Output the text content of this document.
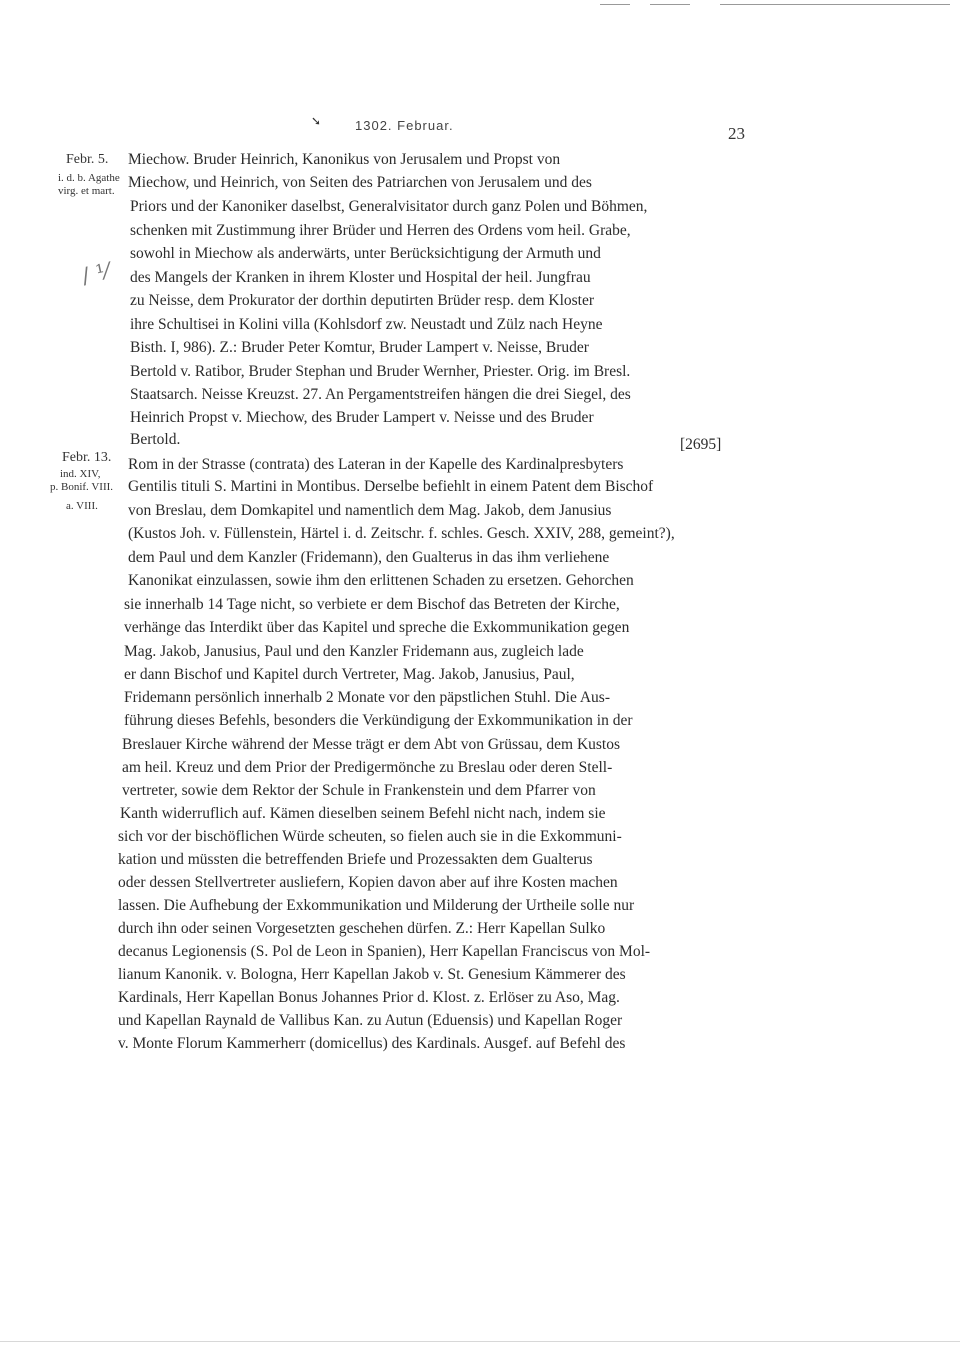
➘	1302. Februar.	23
Febr. 5.
i. d. b. Agathe
virg. et mart.
/ ⅟
Miechow. Bruder Heinrich, Kanonikus von Jerusalem und Propst von
Miechow, und Heinrich, von Seiten des Patriarchen von Jerusalem und des
Priors und der Kanoniker daselbst, Generalvisitator durch ganz Polen und Böhmen,
schenken mit Zustimmung ihrer Brüder und Herren des Ordens vom heil. Grabe,
sowohl in Miechow als anderwärts, unter Berücksichtigung der Armuth und
des Mangels der Kranken in ihrem Kloster und Hospital der heil. Jungfrau
zu Neisse, dem Prokurator der dorthin deputirten Brüder resp. dem Kloster
ihre Schultisei in Kolini villa (Kohlsdorf zw. Neustadt und Zülz nach Heyne
Bisth. I, 986). Z.: Bruder Peter Komtur, Bruder Lampert v. Neisse, Bruder
Bertold v. Ratibor, Bruder Stephan und Bruder Wernher, Priester. Orig. im Bresl.
Staatsarch. Neisse Kreuzst. 27. An Pergamentstreifen hängen die drei Siegel, des
Heinrich Propst v. Miechow, des Bruder Lampert v. Neisse und des Bruder
Bertold.	[2695]
Febr. 13.
ind. XIV,
p. Bonif. VIII.
a. VIII.
Rom in der Strasse (contrata) des Lateran in der Kapelle des Kardinalpresbyters
Gentilis tituli S. Martini in Montibus. Derselbe befiehlt in einem Patent dem Bischof
von Breslau, dem Domkapitel und namentlich dem Mag. Jakob, dem Janusius
(Kustos Joh. v. Füllenstein, Härtel i. d. Zeitschr. f. schles. Gesch. XXIV, 288, gemeint?),
dem Paul und dem Kanzler (Fridemann), den Gualterus in das ihm verliehene
Kanonikat einzulassen, sowie ihm den erlittenen Schaden zu ersetzen. Gehorchen
sie innerhalb 14 Tage nicht, so verbiete er dem Bischof das Betreten der Kirche,
verhänge das Interdikt über das Kapitel und spreche die Exkommunikation gegen
Mag. Jakob, Janusius, Paul und den Kanzler Fridemann aus, zugleich lade
er dann Bischof und Kapitel durch Vertreter, Mag. Jakob, Janusius, Paul,
Fridemann persönlich innerhalb 2 Monate vor den päpstlichen Stuhl. Die Aus-
führung dieses Befehls, besonders die Verkündigung der Exkommunikation in der
Breslauer Kirche während der Messe trägt er dem Abt von Grüssau, dem Kustos
am heil. Kreuz und dem Prior der Predigermönche zu Breslau oder deren Stell-
vertreter, sowie dem Rektor der Schule in Frankenstein und dem Pfarrer von
Kanth widerruflich auf. Kämen dieselben seinem Befehl nicht nach, indem sie
sich vor der bischöflichen Würde scheuten, so fielen auch sie in die Exkommuni-
kation und müssten die betreffenden Briefe und Prozessakten dem Gualterus
oder dessen Stellvertreter ausliefern, Kopien davon aber auf ihre Kosten machen
lassen. Die Aufhebung der Exkommunikation und Milderung der Urtheile solle nur
durch ihn oder seinen Vorgesetzten geschehen dürfen. Z.: Herr Kapellan Sulko
decanus Legionensis (S. Pol de Leon in Spanien), Herr Kapellan Franciscus von Mol-
lianum Kanonik. v. Bologna, Herr Kapellan Jakob v. St. Genesium Kämmerer des
Kardinals, Herr Kapellan Bonus Johannes Prior d. Klost. z. Erlöser zu Aso, Mag.
und Kapellan Raynald de Vallibus Kan. zu Autun (Eduensis) und Kapellan Roger
v. Monte Florum Kammerherr (domicellus) des Kardinals. Ausgef. auf Befehl des
